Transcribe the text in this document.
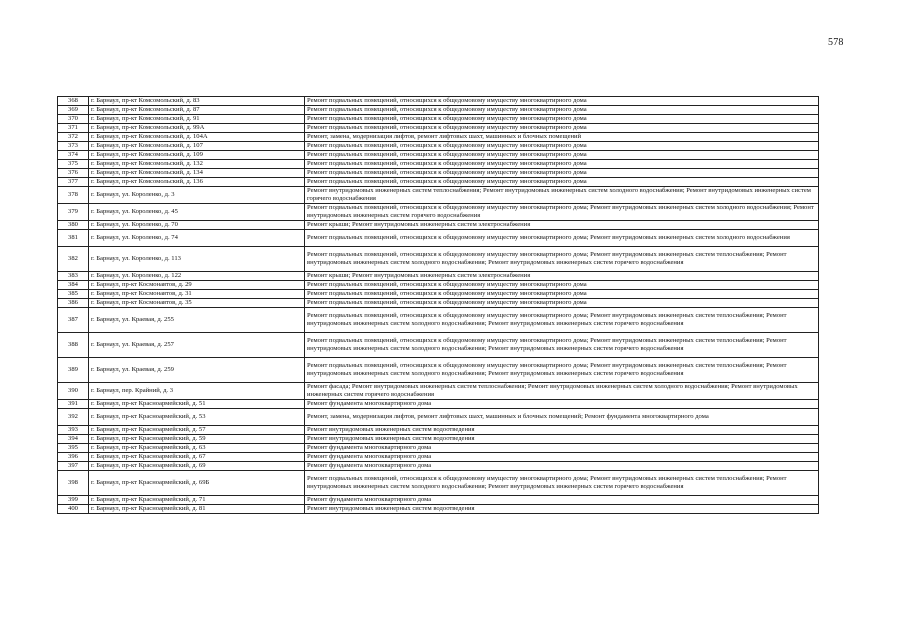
578
368	г. Барнаул, пр-кт Комсомольский, д. 83	Ремонт подвальных помещений, относящихся к общедомовому имуществу многоквартирного дома
369	г. Барнаул, пр-кт Комсомольский, д. 87	Ремонт подвальных помещений, относящихся к общедомовому имуществу многоквартирного дома
370	г. Барнаул, пр-кт Комсомольский, д. 91	Ремонт подвальных помещений, относящихся к общедомовому имуществу многоквартирного дома
371	г. Барнаул, пр-кт Комсомольский, д. 99А	Ремонт подвальных помещений, относящихся к общедомовому имуществу многоквартирного дома
372	г. Барнаул, пр-кт Комсомольский, д. 104А	Ремонт, замена, модернизация лифтов, ремонт лифтовых шахт, машинных и блочных помещений
373	г. Барнаул, пр-кт Комсомольский, д. 107	Ремонт подвальных помещений, относящихся к общедомовому имуществу многоквартирного дома
374	г. Барнаул, пр-кт Комсомольский, д. 109	Ремонт подвальных помещений, относящихся к общедомовому имуществу многоквартирного дома
375	г. Барнаул, пр-кт Комсомольский, д. 132	Ремонт подвальных помещений, относящихся к общедомовому имуществу многоквартирного дома
376	г. Барнаул, пр-кт Комсомольский, д. 134	Ремонт подвальных помещений, относящихся к общедомовому имуществу многоквартирного дома
377	г. Барнаул, пр-кт Комсомольский, д. 136	Ремонт подвальных помещений, относящихся к общедомовому имуществу многоквартирного дома
378	г. Барнаул, ул. Короленко, д. 3	Ремонт внутридомовых инженерных систем теплоснабжения; Ремонт внутридомовых инженерных систем холодного водоснабжения; Ремонт внутридомовых инженерных систем горячего водоснабжения
379	г. Барнаул, ул. Короленко, д. 45	Ремонт подвальных помещений, относящихся к общедомовому имуществу многоквартирного дома; Ремонт внутридомовых инженерных систем холодного водоснабжения; Ремонт внутридомовых инженерных систем горячего водоснабжения
380	г. Барнаул, ул. Короленко, д. 70	Ремонт крыши; Ремонт внутридомовых инженерных систем электроснабжения
381	г. Барнаул, ул. Короленко, д. 74	Ремонт подвальных помещений, относящихся к общедомовому имуществу многоквартирного дома; Ремонт внутридомовых инженерных систем холодного водоснабжения
382	г. Барнаул, ул. Короленко, д. 113	Ремонт подвальных помещений, относящихся к общедомовому имуществу многоквартирного дома; Ремонт внутридомовых инженерных систем теплоснабжения; Ремонт внутридомовых инженерных систем холодного водоснабжения; Ремонт внутридомовых инженерных систем горячего водоснабжения
383	г. Барнаул, ул. Короленко, д. 122	Ремонт крыши; Ремонт внутридомовых инженерных систем электроснабжения
384	г. Барнаул, пр-кт Космонавтов, д. 29	Ремонт подвальных помещений, относящихся к общедомовому имуществу многоквартирного дома
385	г. Барнаул, пр-кт Космонавтов, д. 31	Ремонт подвальных помещений, относящихся к общедомовому имуществу многоквартирного дома
386	г. Барнаул, пр-кт Космонавтов, д. 35	Ремонт подвальных помещений, относящихся к общедомовому имуществу многоквартирного дома
387	г. Барнаул, ул. Краевая, д. 255	Ремонт подвальных помещений, относящихся к общедомовому имуществу многоквартирного дома; Ремонт внутридомовых инженерных систем теплоснабжения; Ремонт внутридомовых инженерных систем холодного водоснабжения; Ремонт внутридомовых инженерных систем горячего водоснабжения
388	г. Барнаул, ул. Краевая, д. 257	Ремонт подвальных помещений, относящихся к общедомовому имуществу многоквартирного дома; Ремонт внутридомовых инженерных систем теплоснабжения; Ремонт внутридомовых инженерных систем холодного водоснабжения; Ремонт внутридомовых инженерных систем горячего водоснабжения
389	г. Барнаул, ул. Краевая, д. 259	Ремонт подвальных помещений, относящихся к общедомовому имуществу многоквартирного дома; Ремонт внутридомовых инженерных систем теплоснабжения; Ремонт внутридомовых инженерных систем холодного водоснабжения; Ремонт внутридомовых инженерных систем горячего водоснабжения
390	г. Барнаул, пер. Крайний, д. 3	Ремонт фасада; Ремонт внутридомовых инженерных систем теплоснабжения; Ремонт внутридомовых инженерных систем холодного водоснабжения; Ремонт внутридомовых инженерных систем горячего водоснабжения
391	г. Барнаул, пр-кт Красноармейский, д. 51	Ремонт фундамента многоквартирного дома
392	г. Барнаул, пр-кт Красноармейский, д. 53	Ремонт, замена, модернизация лифтов, ремонт лифтовых шахт, машинных и блочных помещений; Ремонт фундамента многоквартирного дома
393	г. Барнаул, пр-кт Красноармейский, д. 57	Ремонт внутридомовых инженерных систем водоотведения
394	г. Барнаул, пр-кт Красноармейский, д. 59	Ремонт внутридомовых инженерных систем водоотведения
395	г. Барнаул, пр-кт Красноармейский, д. 63	Ремонт фундамента многоквартирного дома
396	г. Барнаул, пр-кт Красноармейский, д. 67	Ремонт фундамента многоквартирного дома
397	г. Барнаул, пр-кт Красноармейский, д. 69	Ремонт фундамента многоквартирного дома
398	г. Барнаул, пр-кт Красноармейский, д. 69Б	Ремонт подвальных помещений, относящихся к общедомовому имуществу многоквартирного дома; Ремонт внутридомовых инженерных систем теплоснабжения; Ремонт внутридомовых инженерных систем холодного водоснабжения; Ремонт внутридомовых инженерных систем горячего водоснабжения
399	г. Барнаул, пр-кт Красноармейский, д. 71	Ремонт фундамента многоквартирного дома
400	г. Барнаул, пр-кт Красноармейский, д. 81	Ремонт внутридомовых инженерных систем водоотведения
